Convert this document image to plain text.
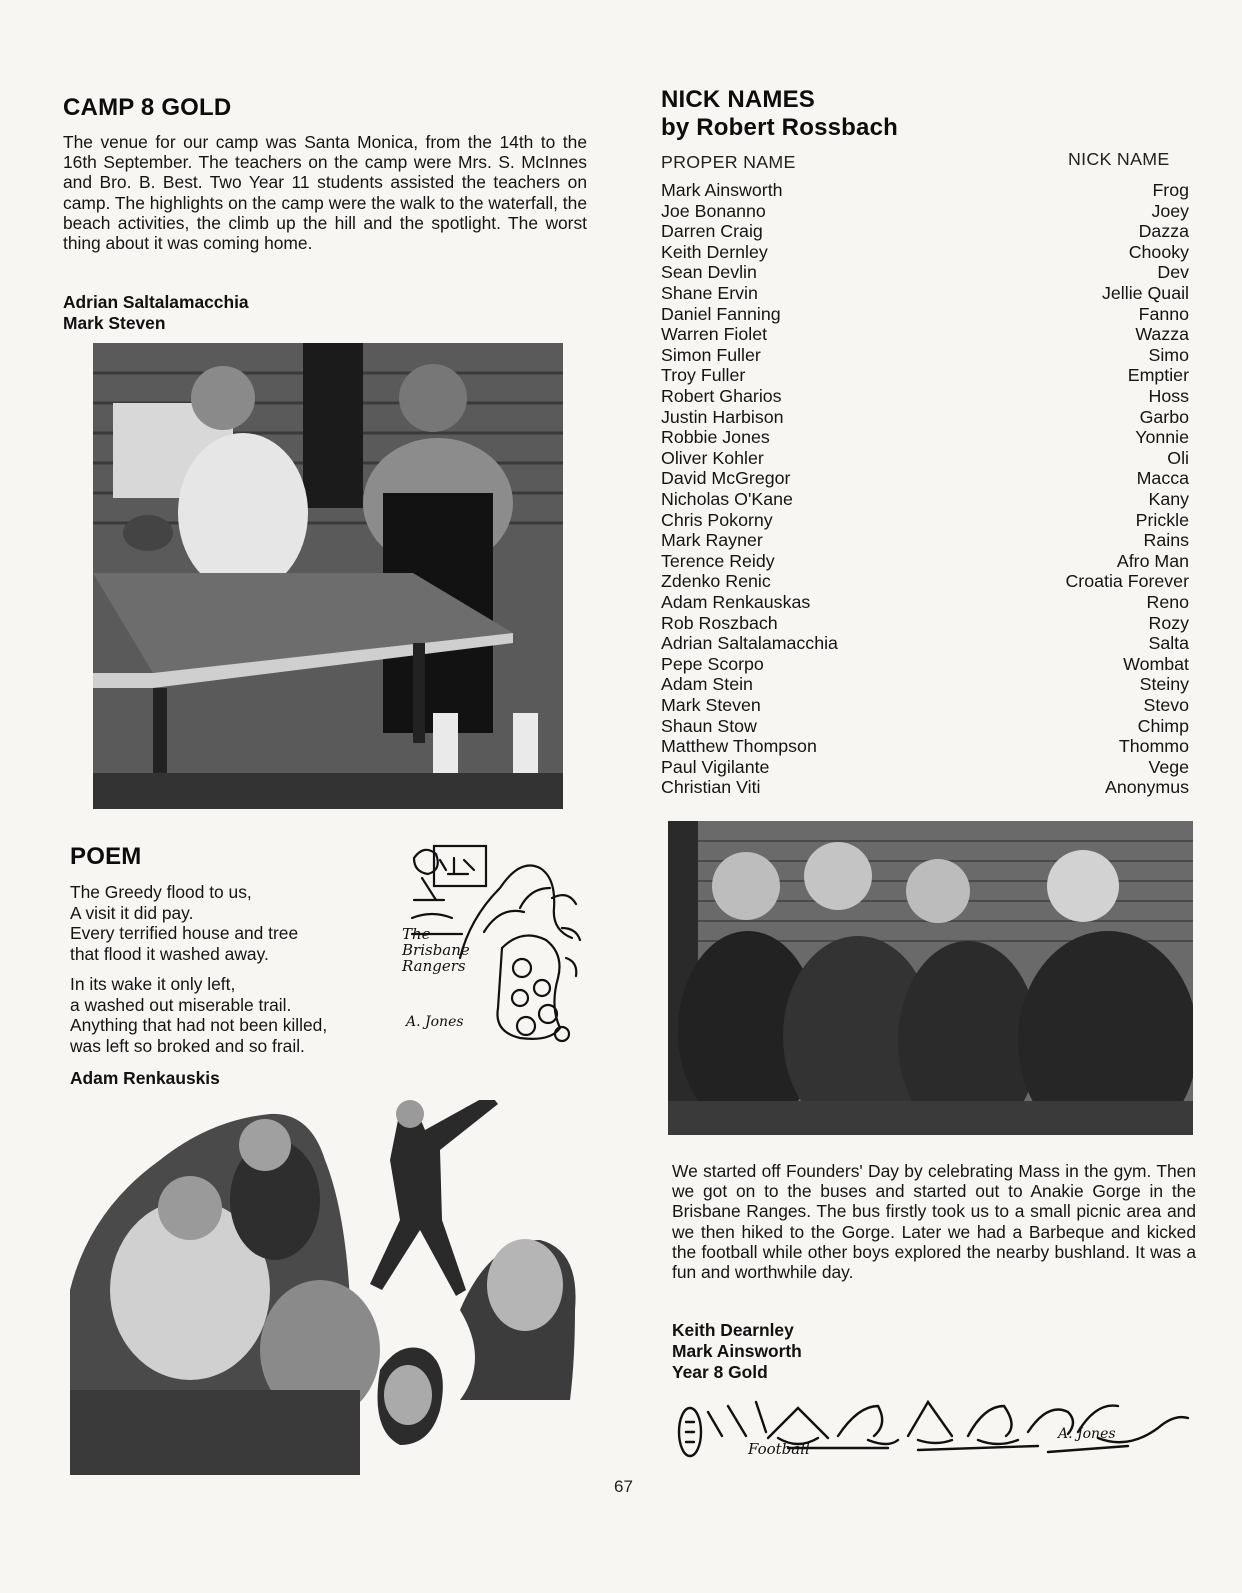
CAMP 8 GOLD

The venue for our camp was Santa Monica, from the 14th to the 16th September. The teachers on the camp were Mrs. S. McInnes and Bro. B. Best. Two Year 11 students assisted the teachers on camp. The highlights on the camp were the walk to the waterfall, the beach activities, the climb up the hill and the spotlight. The worst thing about it was coming home.

Adrian Saltalamacchia
Mark Steven
NICK NAMES
by Robert Rossbach
PROPER NAME	NICK NAME
Mark Ainsworth	Frog
Joe Bonanno	Joey
Darren Craig	Dazza
Keith Dernley	Chooky
Sean Devlin	Dev
Shane Ervin	Jellie Quail
Daniel Fanning	Fanno
Warren Fiolet	Wazza
Simon Fuller	Simo
Troy Fuller	Emptier
Robert Gharios	Hoss
Justin Harbison	Garbo
Robbie Jones	Yonnie
Oliver Kohler	Oli
David McGregor	Macca
Nicholas O'Kane	Kany
Chris Pokorny	Prickle
Mark Rayner	Rains
Terence Reidy	Afro Man
Zdenko Renic	Croatia Forever
Adam Renkauskas	Reno
Rob Roszbach	Rozy
Adrian Saltalamacchia	Salta
Pepe Scorpo	Wombat
Adam Stein	Steiny
Mark Steven	Stevo
Shaun Stow	Chimp
Matthew Thompson	Thommo
Paul Vigilante	Vege
Christian Viti	Anonymus
POEM
The Greedy flood to us,
A visit it did pay.
Every terrified house and tree
that flood it washed away.
In its wake it only left,
a washed out miserable trail.
Anything that had not been killed,
was left so broked and so frail.
Adam Renkauskis
The Brisbane Rangers
A. Jones

We started off Founders' Day by celebrating Mass in the gym. Then we got on to the buses and started out to Anakie Gorge in the Brisbane Ranges. The bus firstly took us to a small picnic area and we then hiked to the Gorge. Later we had a Barbeque and kicked the football while other boys explored the nearby bushland. It was a fun and worthwhile day.

Keith Dearnley
Mark Ainsworth
Year 8 Gold
Football
A. Jones
67
